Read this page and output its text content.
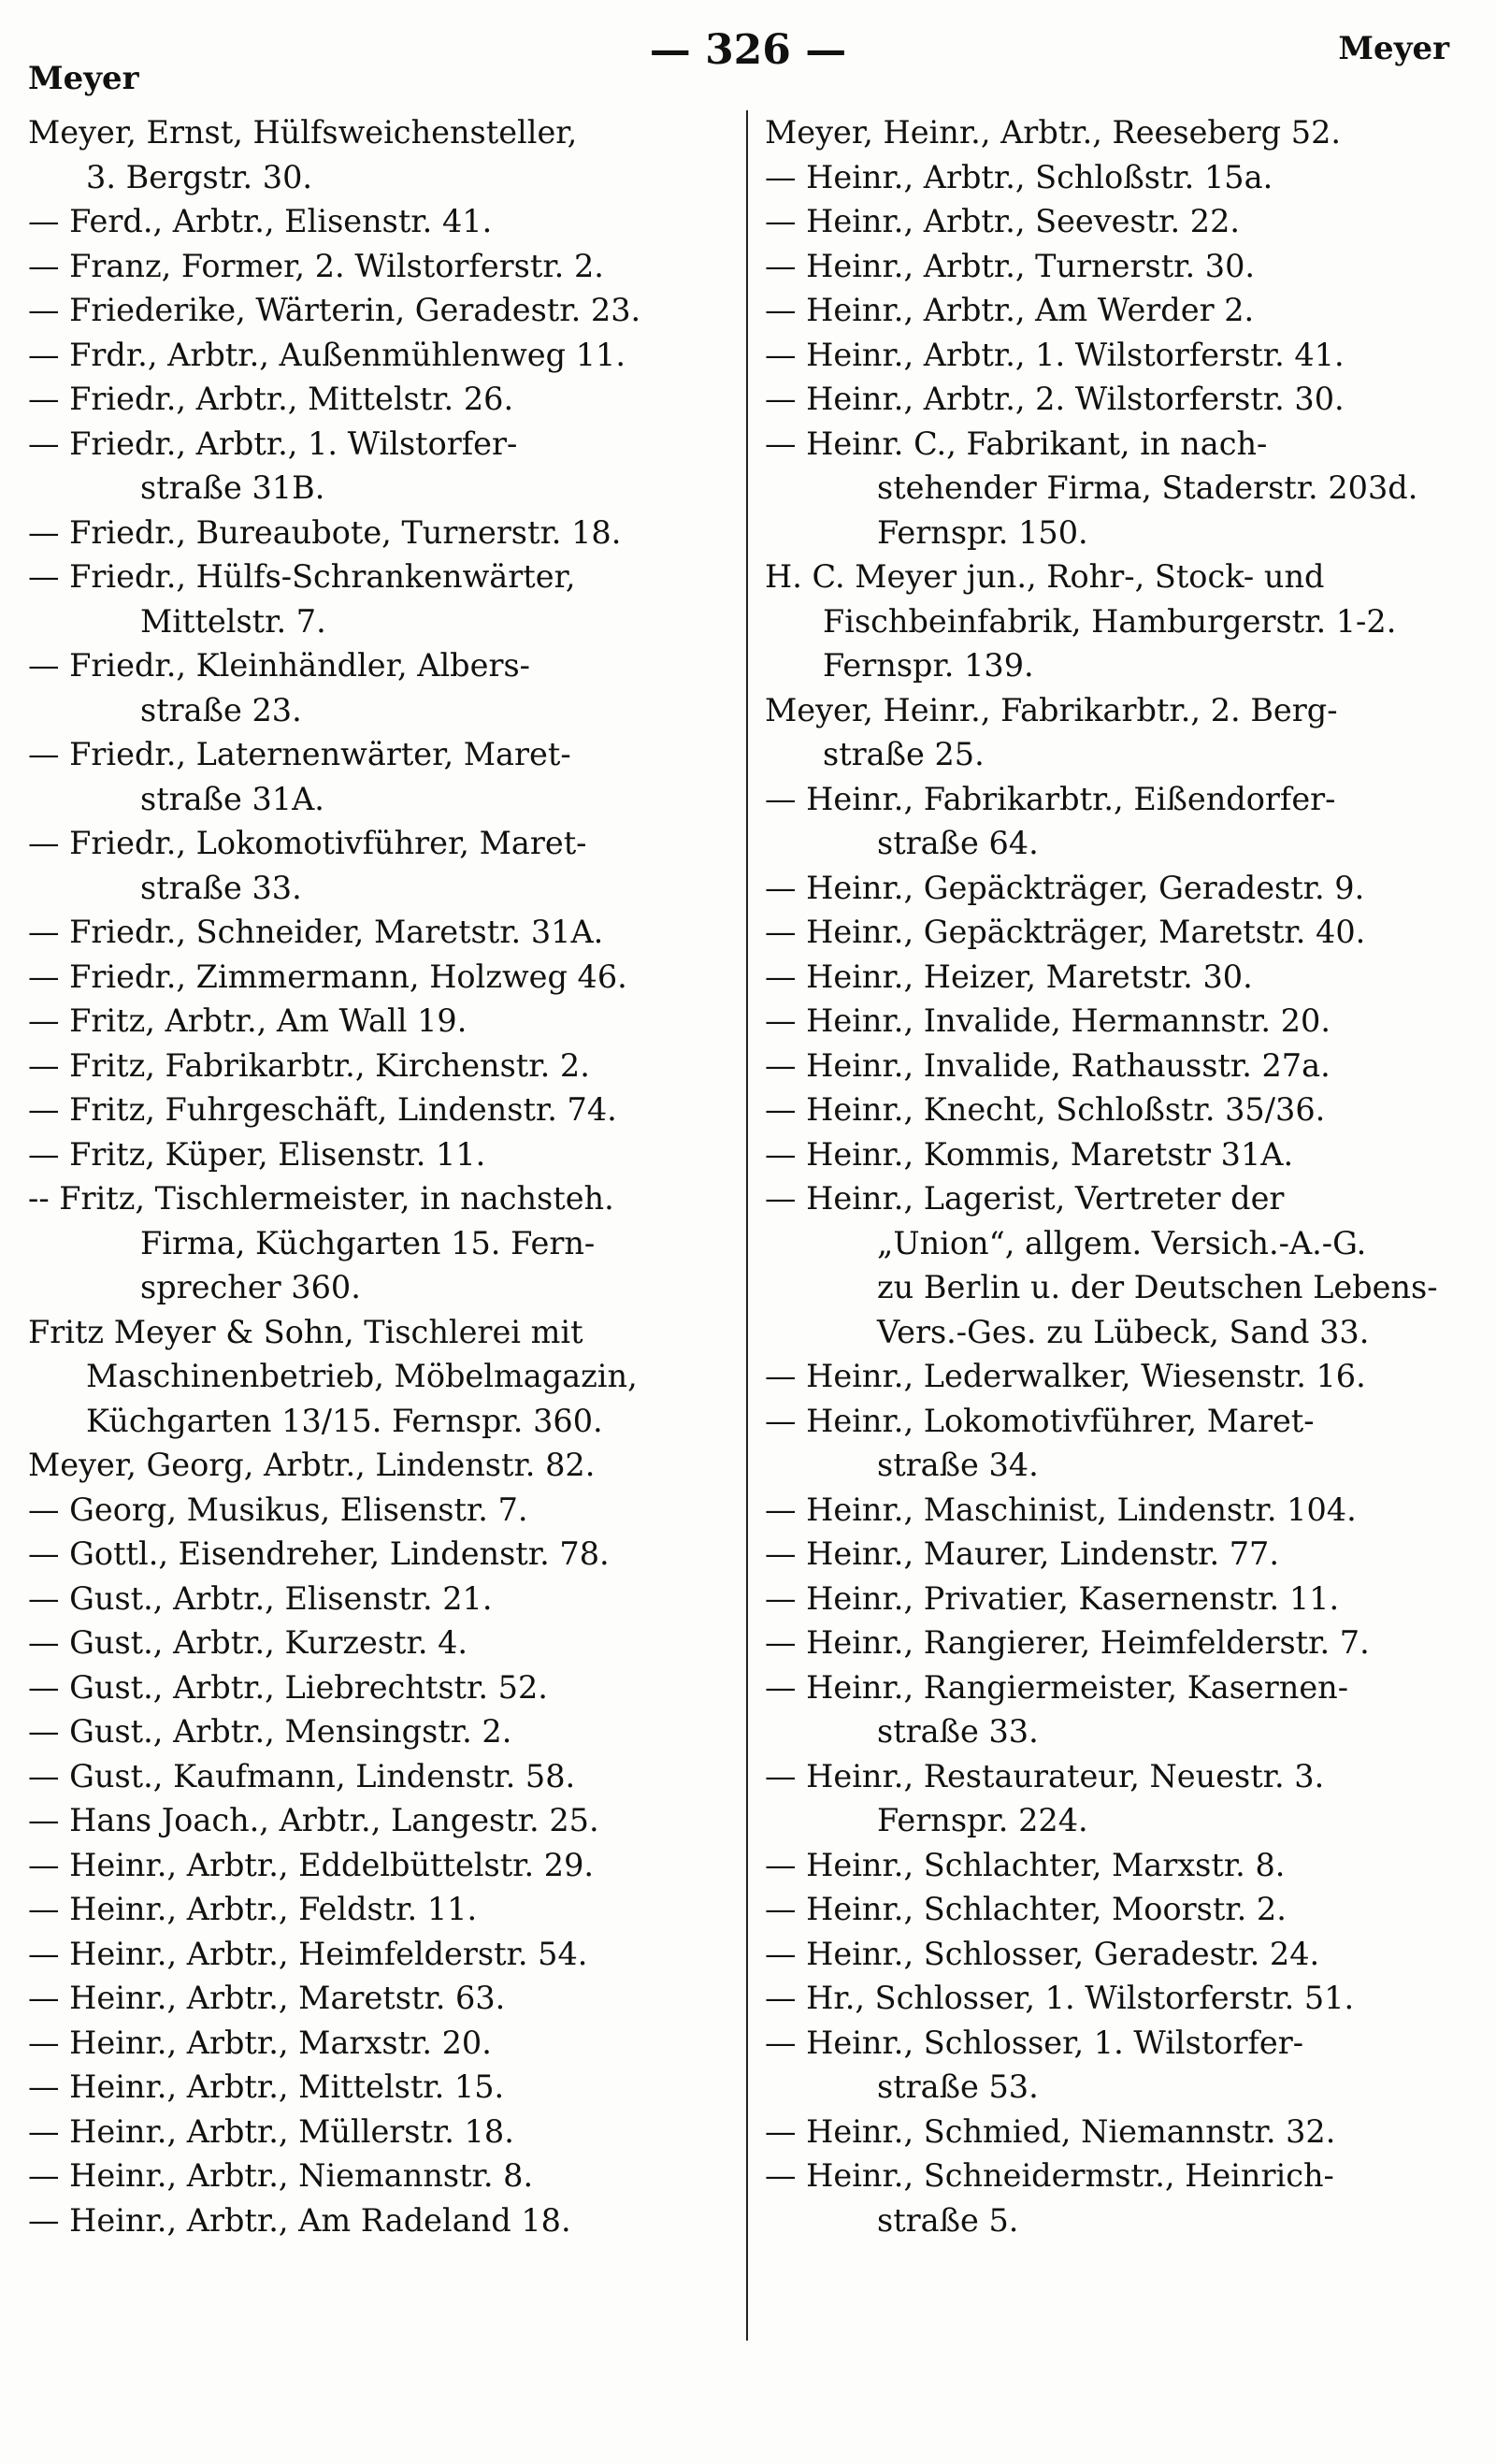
Meyer
— 326 —	Meyer
Meyer, Ernst, Hülfsweichensteller,
3. Bergstr. 30.
— Ferd., Arbtr., Elisenstr. 41.
— Franz, Former, 2. Wilstorferstr. 2.
— Friederike, Wärterin, Geradestr. 23.
— Frdr., Arbtr., Außenmühlenweg 11.
— Friedr., Arbtr., Mittelstr. 26.
— Friedr., Arbtr., 1. Wilstorfer-
straße 31B.
— Friedr., Bureaubote, Turnerstr. 18.
— Friedr., Hülfs-Schrankenwärter,
Mittelstr. 7.
— Friedr., Kleinhändler, Albers-
straße 23.
— Friedr., Laternenwärter, Maret-
straße 31A.
— Friedr., Lokomotivführer, Maret-
straße 33.
— Friedr., Schneider, Maretstr. 31A.
— Friedr., Zimmermann, Holzweg 46.
— Fritz, Arbtr., Am Wall 19.
— Fritz, Fabrikarbtr., Kirchenstr. 2.
— Fritz, Fuhrgeschäft, Lindenstr. 74.
— Fritz, Küper, Elisenstr. 11.
-- Fritz, Tischlermeister, in nachsteh.
Firma, Küchgarten 15. Fern-
sprecher 360.
Fritz Meyer & Sohn, Tischlerei mit
Maschinenbetrieb, Möbelmagazin,
Küchgarten 13/15. Fernspr. 360.
Meyer, Georg, Arbtr., Lindenstr. 82.
— Georg, Musikus, Elisenstr. 7.
— Gottl., Eisendreher, Lindenstr. 78.
— Gust., Arbtr., Elisenstr. 21.
— Gust., Arbtr., Kurzestr. 4.
— Gust., Arbtr., Liebrechtstr. 52.
— Gust., Arbtr., Mensingstr. 2.
— Gust., Kaufmann, Lindenstr. 58.
— Hans Joach., Arbtr., Langestr. 25.
— Heinr., Arbtr., Eddelbüttelstr. 29.
— Heinr., Arbtr., Feldstr. 11.
— Heinr., Arbtr., Heimfelderstr. 54.
— Heinr., Arbtr., Maretstr. 63.
— Heinr., Arbtr., Marxstr. 20.
— Heinr., Arbtr., Mittelstr. 15.
— Heinr., Arbtr., Müllerstr. 18.
— Heinr., Arbtr., Niemannstr. 8.
— Heinr., Arbtr., Am Radeland 18.
Meyer, Heinr., Arbtr., Reeseberg 52.
— Heinr., Arbtr., Schloßstr. 15a.
— Heinr., Arbtr., Seevestr. 22.
— Heinr., Arbtr., Turnerstr. 30.
— Heinr., Arbtr., Am Werder 2.
— Heinr., Arbtr., 1. Wilstorferstr. 41.
— Heinr., Arbtr., 2. Wilstorferstr. 30.
— Heinr. C., Fabrikant, in nach-
stehender Firma, Staderstr. 203d.
Fernspr. 150.
H. C. Meyer jun., Rohr-, Stock- und
Fischbeinfabrik, Hamburgerstr. 1-2.
Fernspr. 139.
Meyer, Heinr., Fabrikarbtr., 2. Berg-
straße 25.
— Heinr., Fabrikarbtr., Eißendorfer-
straße 64.
— Heinr., Gepäckträger, Geradestr. 9.
— Heinr., Gepäckträger, Maretstr. 40.
— Heinr., Heizer, Maretstr. 30.
— Heinr., Invalide, Hermannstr. 20.
— Heinr., Invalide, Rathausstr. 27a.
— Heinr., Knecht, Schloßstr. 35/36.
— Heinr., Kommis, Maretstr 31A.
— Heinr., Lagerist, Vertreter der
„Union“, allgem. Versich.-A.-G.
zu Berlin u. der Deutschen Lebens-
Vers.-Ges. zu Lübeck, Sand 33.
— Heinr., Lederwalker, Wiesenstr. 16.
— Heinr., Lokomotivführer, Maret-
straße 34.
— Heinr., Maschinist, Lindenstr. 104.
— Heinr., Maurer, Lindenstr. 77.
— Heinr., Privatier, Kasernenstr. 11.
— Heinr., Rangierer, Heimfelderstr. 7.
— Heinr., Rangiermeister, Kasernen-
straße 33.
— Heinr., Restaurateur, Neuestr. 3.
Fernspr. 224.
— Heinr., Schlachter, Marxstr. 8.
— Heinr., Schlachter, Moorstr. 2.
— Heinr., Schlosser, Geradestr. 24.
— Hr., Schlosser, 1. Wilstorferstr. 51.
— Heinr., Schlosser, 1. Wilstorfer-
straße 53.
— Heinr., Schmied, Niemannstr. 32.
— Heinr., Schneidermstr., Heinrich-
straße 5.
